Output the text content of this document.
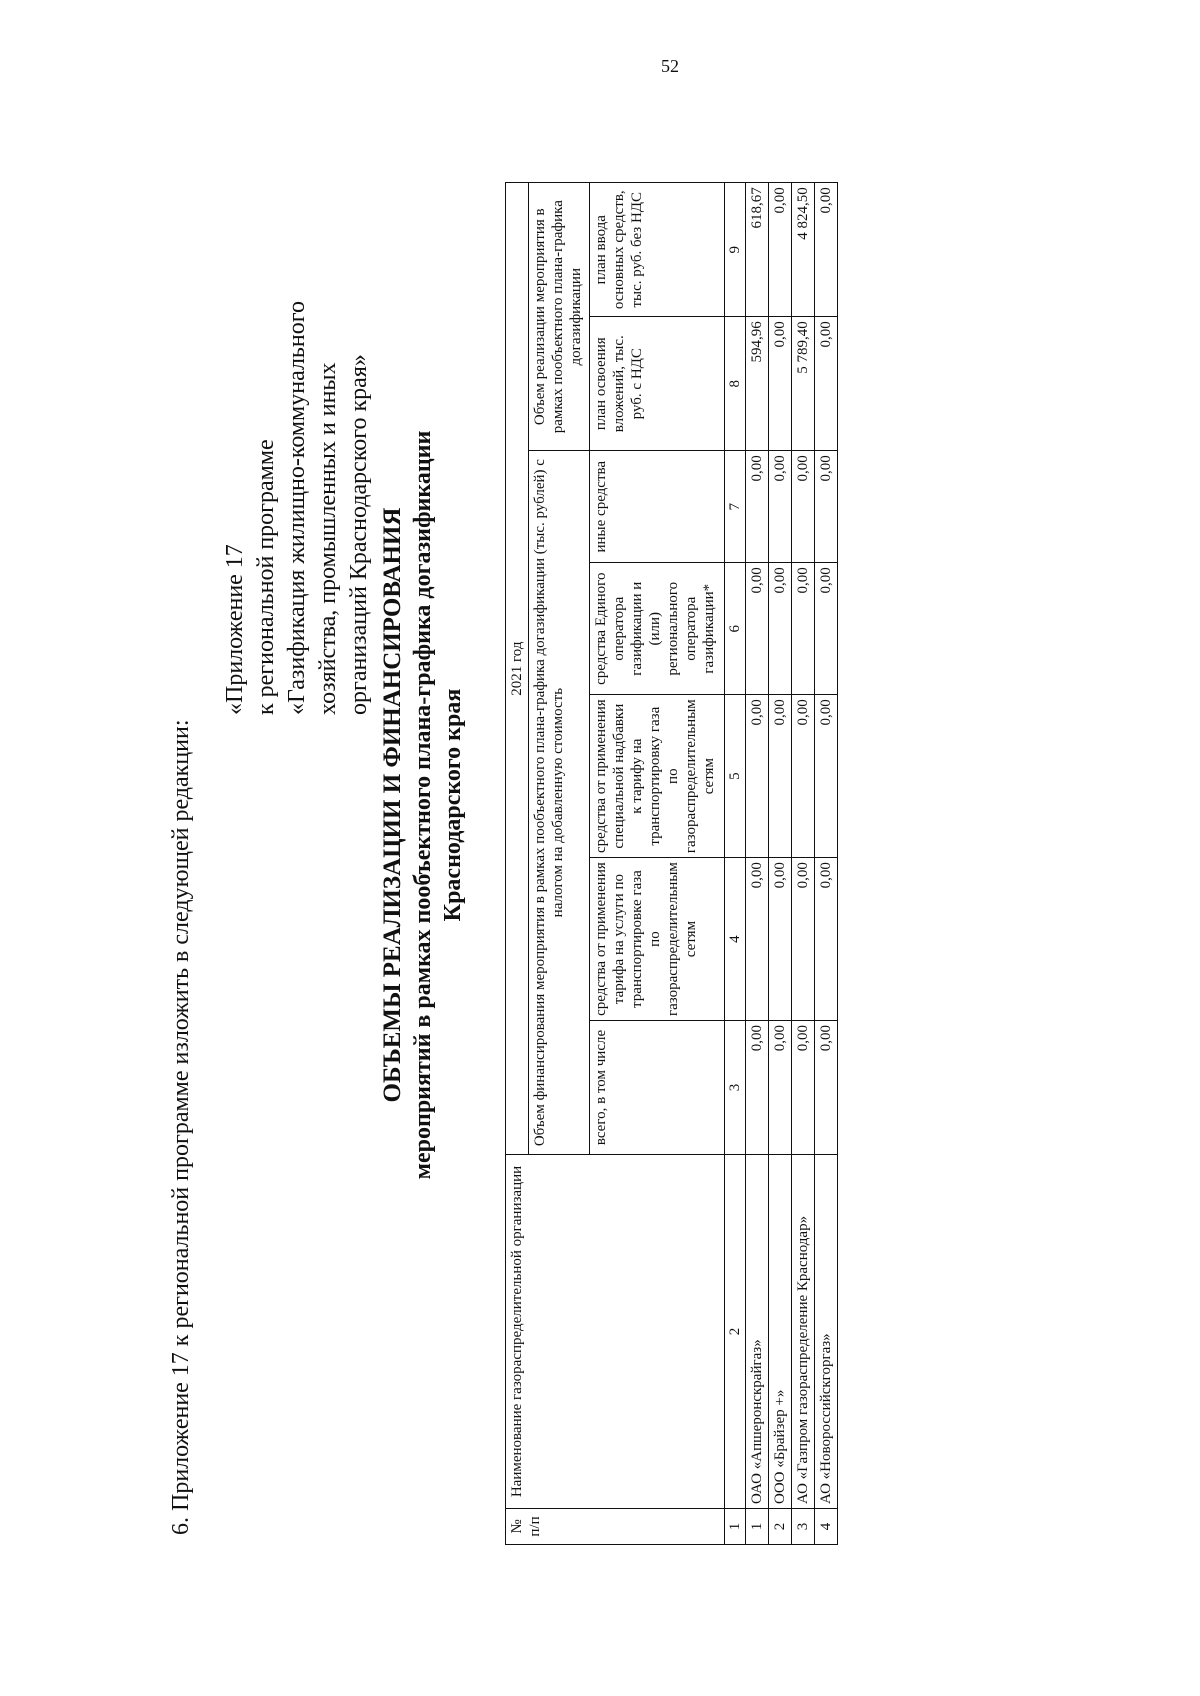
52
6. Приложение 17 к региональной программе изложить в следующей редакции:
«Приложение 17 к региональной программе «Газификация жилищно-коммунального хозяйства, промышленных и иных организаций Краснодарского края» ОБЪЕМЫ РЕАЛИЗАЦИИ И ФИНАНСИРОВАНИЯ мероприятий в рамках пообъектного плана-графика догазификации Краснодарского края
№ п/п	Наименование газораспределительной организации	2021 год						
		Объем финансирования мероприятия в рамках пообъектного плана-графика догазификации (тыс. рублей) с налогом на добавленную стоимость					Объем реализации мероприятия в рамках пообъектного плана-графика догазификации	
		всего, в том числе	средства от применения тарифа на услуги по транспортировке газа по газораспределительным сетям	средства от применения специальной надбавки к тарифу на транспортировку газа по газораспределительным сетям	средства Единого оператора газификации и (или) регионального оператора газификации*	иные средства	план освоения вложений, тыс. руб. с НДС	план ввода основных средств, тыс. руб. без НДС
1	2	3	4	5	6	7	8	9
1	ОАО «Апшеронскрайгаз»	0,00	0,00	0,00	0,00	0,00	594,96	618,67
2	ООО «Брайзер +»	0,00	0,00	0,00	0,00	0,00	0,00	0,00
3	АО «Газпром газораспределение Краснодар»	0,00	0,00	0,00	0,00	0,00	5 789,40	4 824,50
4	АО «Новороссийскгоргаз»	0,00	0,00	0,00	0,00	0,00	0,00	0,00
